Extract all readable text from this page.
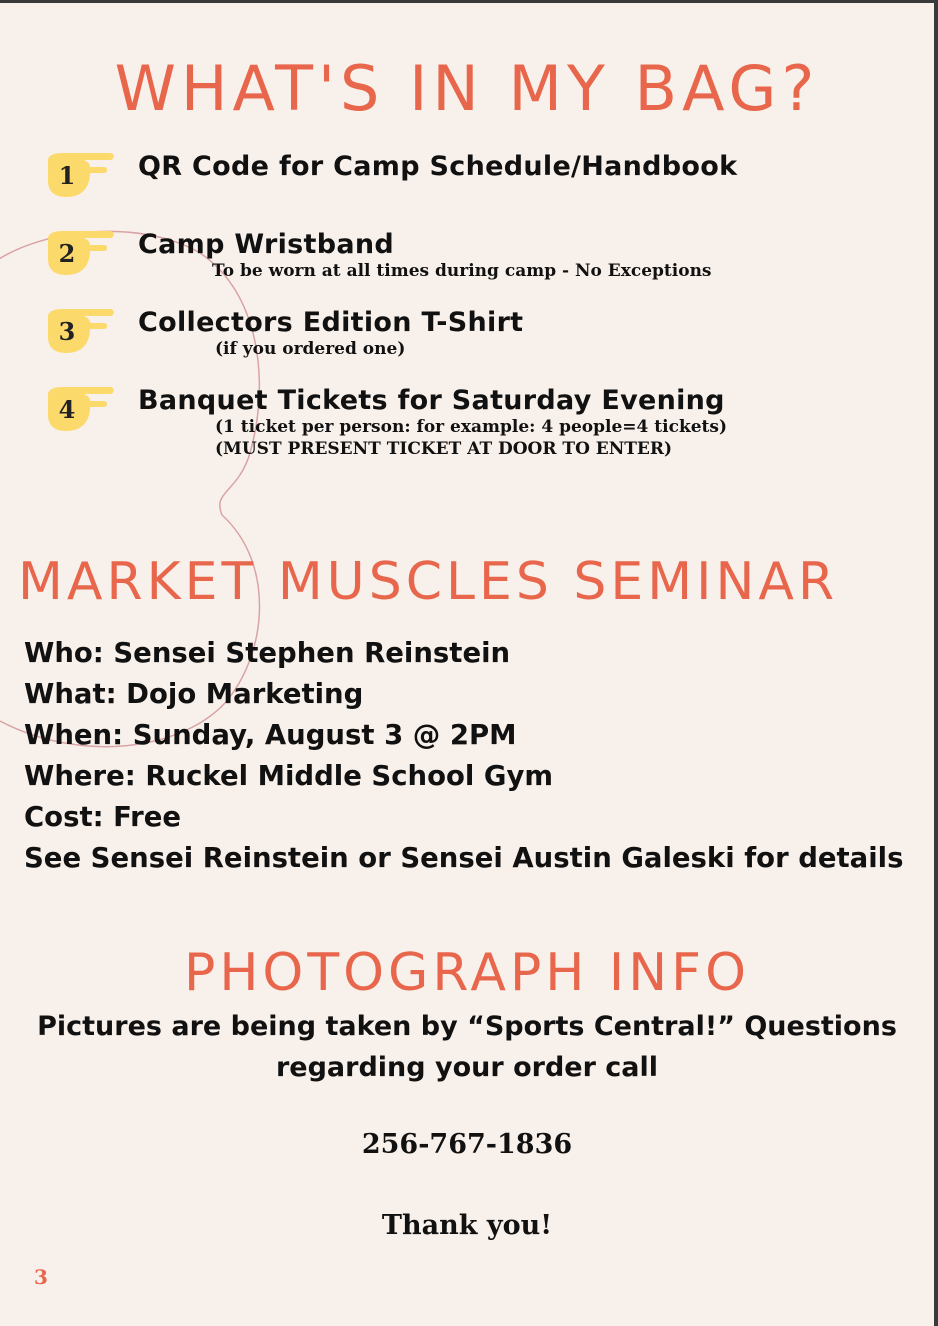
WHAT'S IN MY BAG?
1	QR Code for Camp Schedule/Handbook
2	Camp Wristband
To be worn at all times during camp - No Exceptions
3	Collectors Edition T-Shirt
(if you ordered one)
4	Banquet Tickets for Saturday Evening
(1 ticket per person: for example: 4 people=4 tickets)
(MUST PRESENT TICKET AT DOOR TO ENTER)
MARKET MUSCLES SEMINAR
Who: Sensei Stephen Reinstein
What: Dojo Marketing
When: Sunday, August 3 @ 2PM
Where: Ruckel Middle School Gym
Cost: Free
See Sensei Reinstein or Sensei Austin Galeski for details
PHOTOGRAPH INFO
Pictures are being taken by “Sports Central!” Questions
regarding your order call
256-767-1836
Thank you!
3
